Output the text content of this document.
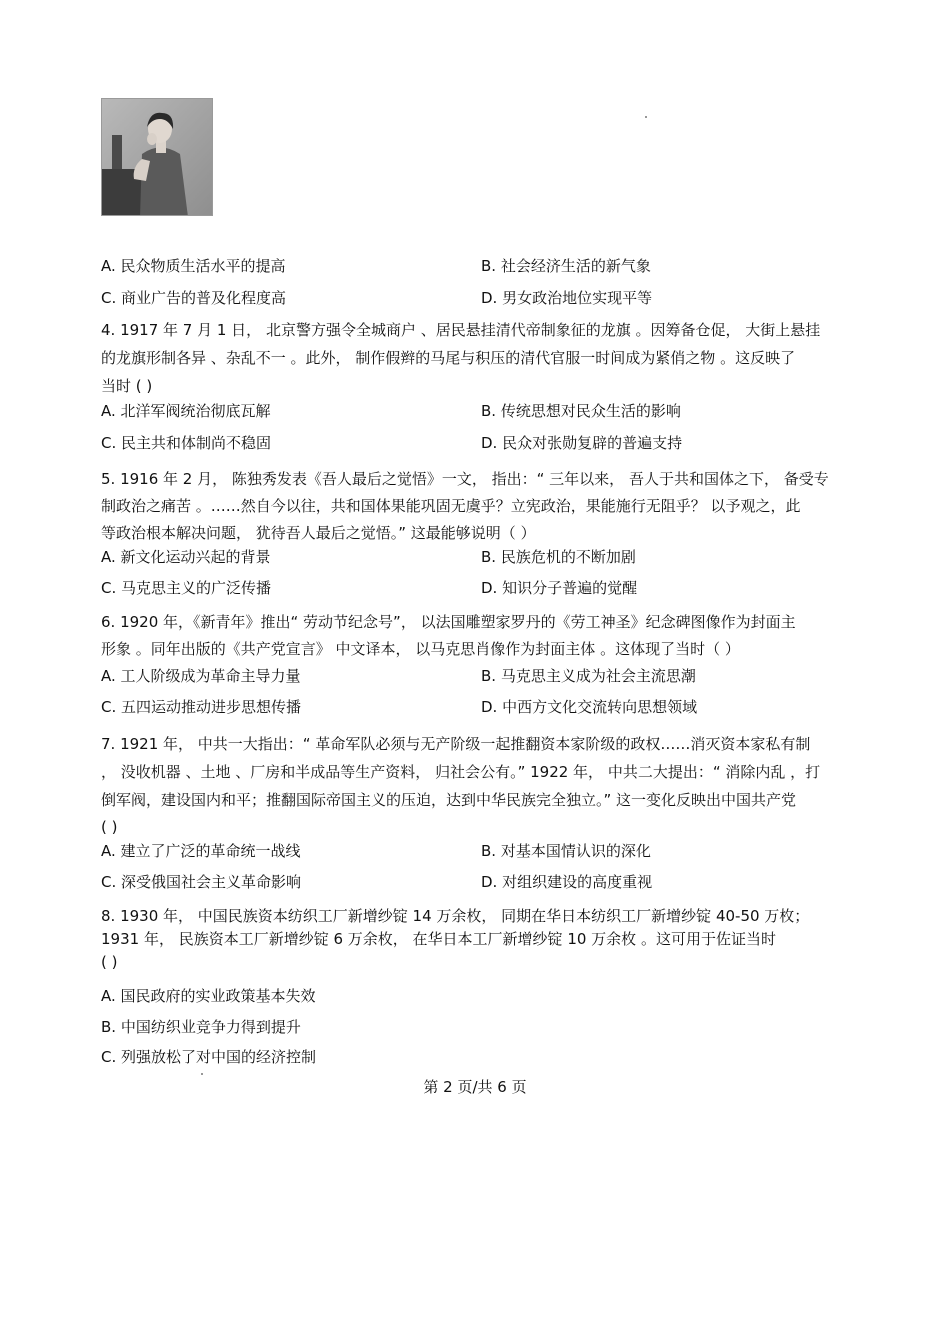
A. 民众物质生活水平的提高	B. 社会经济生活的新气象
C. 商业广告的普及化程度高	D. 男女政治地位实现平等
4. 1917 年 7 月 1 日， 北京警方强令全城商户 、居民悬挂清代帝制象征的龙旗 。因筹备仓促， 大街上悬挂
的龙旗形制各异 、杂乱不一 。此外， 制作假辫的马尾与积压的清代官服一时间成为紧俏之物 。这反映了
当时 ( )
A. 北洋军阀统治彻底瓦解	B. 传统思想对民众生活的影响
C. 民主共和体制尚不稳固	D. 民众对张勋复辟的普遍支持
5. 1916 年 2 月， 陈独秀发表《吾人最后之觉悟》一文， 指出：“ 三年以来， 吾人于共和国体之下， 备受专
制政治之痛苦 。……然自今以往，共和国体果能巩固无虞乎？立宪政治，果能施行无阻乎？ 以予观之，此
等政治根本解决问题， 犹待吾人最后之觉悟。” 这最能够说明（ ）
A. 新文化运动兴起的背景	B. 民族危机的不断加剧
C. 马克思主义的广泛传播	D. 知识分子普遍的觉醒
6. 1920 年，《新青年》推出“ 劳动节纪念号”， 以法国雕塑家罗丹的《劳工神圣》纪念碑图像作为封面主
形象 。同年出版的《共产党宣言》 中文译本， 以马克思肖像作为封面主体 。这体现了当时（ ）
A. 工人阶级成为革命主导力量	B. 马克思主义成为社会主流思潮
C. 五四运动推动进步思想传播	D. 中西方文化交流转向思想领域
7. 1921 年， 中共一大指出：“ 革命军队必须与无产阶级一起推翻资本家阶级的政权……消灭资本家私有制
， 没收机器 、土地 、厂房和半成品等生产资料， 归社会公有。” 1922 年， 中共二大提出：“ 消除内乱 ，打
倒军阀，建设国内和平；推翻国际帝国主义的压迫，达到中华民族完全独立。” 这一变化反映出中国共产党
( )
A. 建立了广泛的革命统一战线	B. 对基本国情认识的深化
C. 深受俄国社会主义革命影响	D. 对组织建设的高度重视
8. 1930 年， 中国民族资本纺织工厂新增纱锭 14 万余枚， 同期在华日本纺织工厂新增纱锭 40-50 万枚；
1931 年， 民族资本工厂新增纱锭 6 万余枚， 在华日本工厂新增纱锭 10 万余枚 。这可用于佐证当时
( )
A. 国民政府的实业政策基本失效
B. 中国纺织业竞争力得到提升
C. 列强放松了对中国的经济控制
第 2 页/共 6 页
